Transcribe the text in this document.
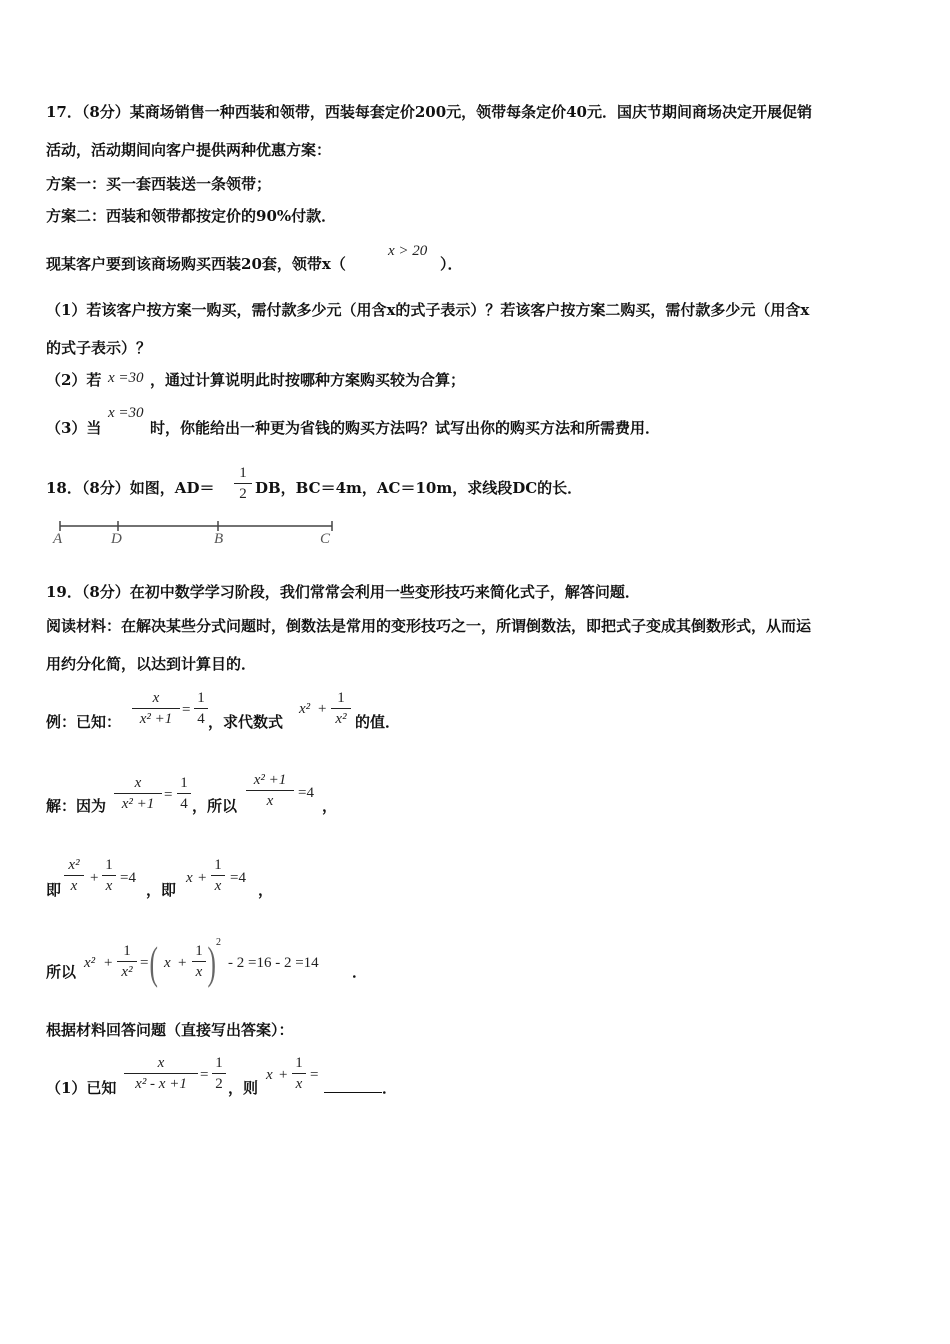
17．（8分）某商场销售一种西装和领带，西装每套定价200元，领带每条定价40元．国庆节期间商场决定开展促销
活动，活动期间向客户提供两种优惠方案：
方案一：买一套西装送一条领带；
方案二：西装和领带都按定价的90%付款．
现某客户要到该商场购买西装20套，领带x（
x > 20
）．
（1）若该客户按方案一购买，需付款多少元（用含x的式子表示）？若该客户按方案二购买，需付款多少元（用含x
的式子表示）？
（2）若 x =30 ，通过计算说明此时按哪种方案购买较为合算；
（3）当
x =30
时，你能给出一种更为省钱的购买方法吗？试写出你的购买方法和所需费用．
18．（8分）如图，AD＝
1
2 DB，BC＝4m，AC＝10m，求线段DC的长．
A	D	B	C
19．（8分）在初中数学学习阶段，我们常常会利用一些变形技巧来简化式子，解答问题．
阅读材料：在解决某些分式问题时，倒数法是常用的变形技巧之一，所谓倒数法，即把式子变成其倒数形式，从而运
用约分化简，以达到计算目的．
例：已知：
x
x² +1
=
1
4 ，求代数式
x² +
1
x² 的值．
解：因为
x
x² +1
=
1
4 ，所以
x² +1
x	=4
，
即
x²
x +
1
x =4
，即
x +
1
x =4
，
所以 x² +
1
x²
= ( x +
1
x ) 2
- 2 =16 - 2 =14 ．
根据材料回答问题（直接写出答案）：
（1）已知
x
x² - x +1
=
1
2 ，则
x +
1
x
=
．
